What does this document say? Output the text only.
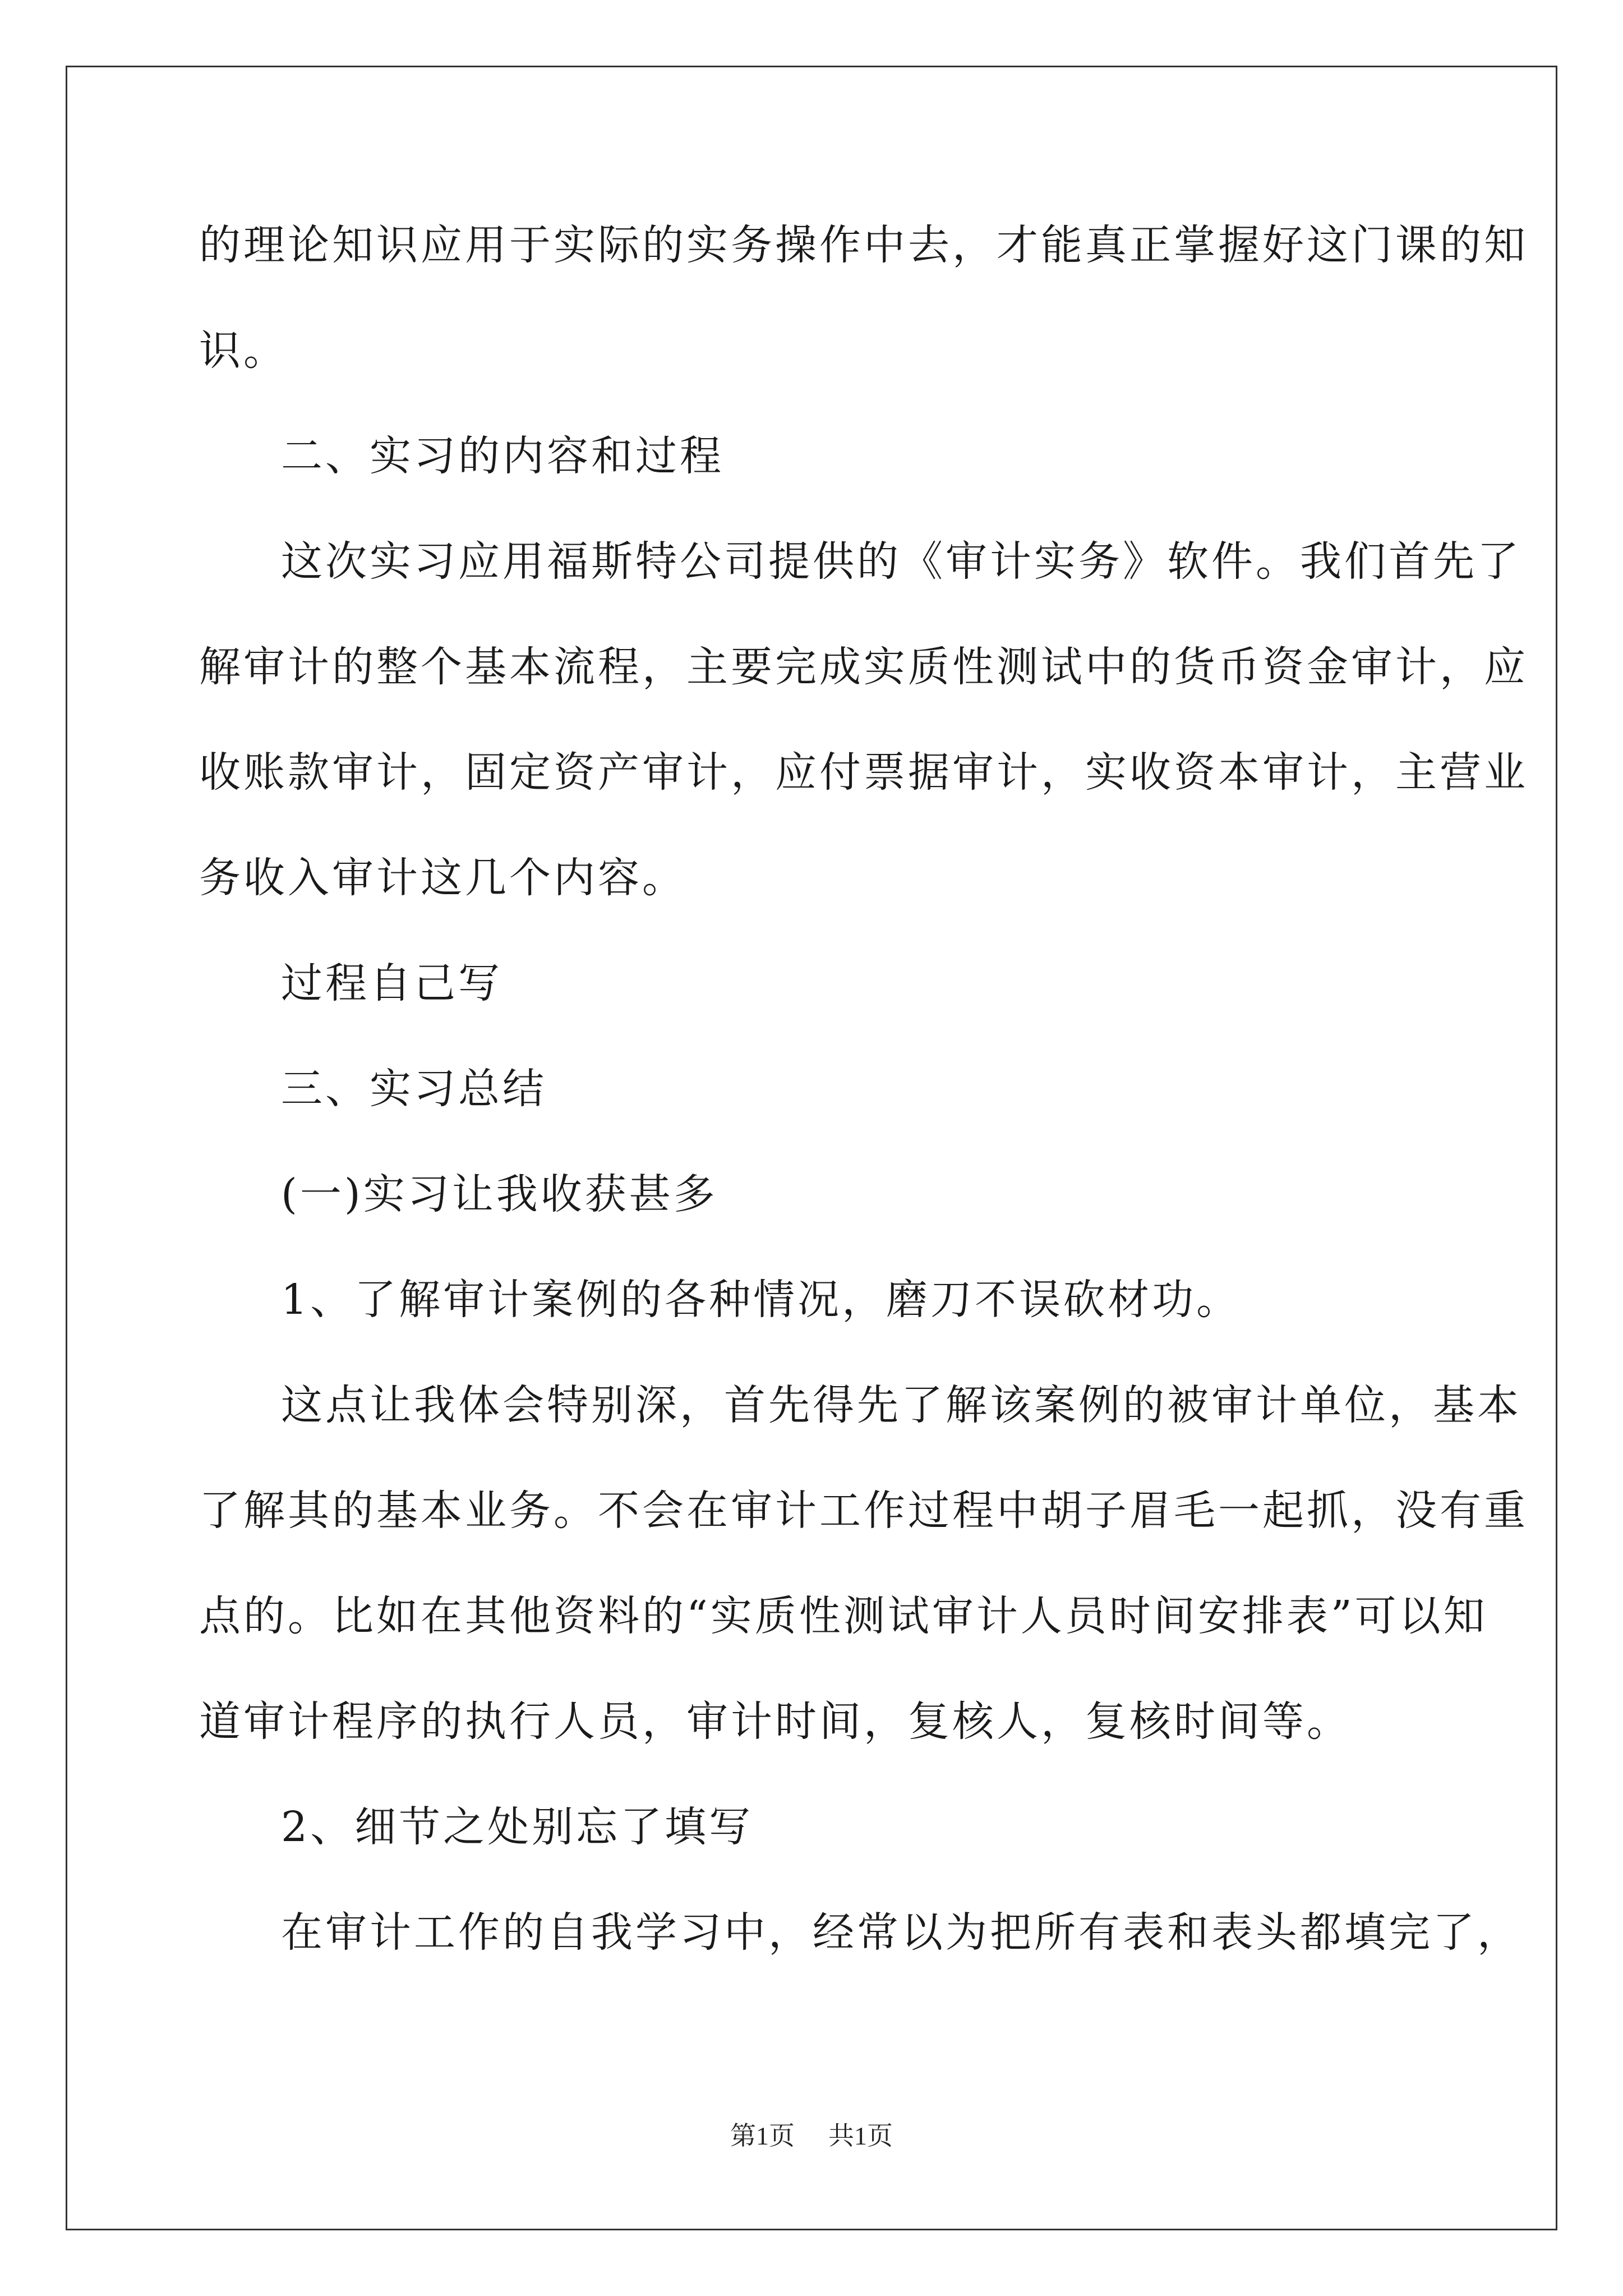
的理论知识应用于实际的实务操作中去，才能真正掌握好这门课的知
识。
二、实习的内容和过程
这次实习应用福斯特公司提供的《审计实务》软件。我们首先了
解审计的整个基本流程，主要完成实质性测试中的货币资金审计，应
收账款审计，固定资产审计，应付票据审计，实收资本审计，主营业
务收入审计这几个内容。
过程自己写
三、实习总结
(一)实习让我收获甚多
1、了解审计案例的各种情况，磨刀不误砍材功。
这点让我体会特别深，首先得先了解该案例的被审计单位，基本
了解其的基本业务。不会在审计工作过程中胡子眉毛一起抓，没有重
点的。比如在其他资料的“实质性测试审计人员时间安排表”可以知
道审计程序的执行人员，审计时间，复核人，复核时间等。
2、细节之处别忘了填写
在审计工作的自我学习中，经常以为把所有表和表头都填完了，
第1页 共1页
